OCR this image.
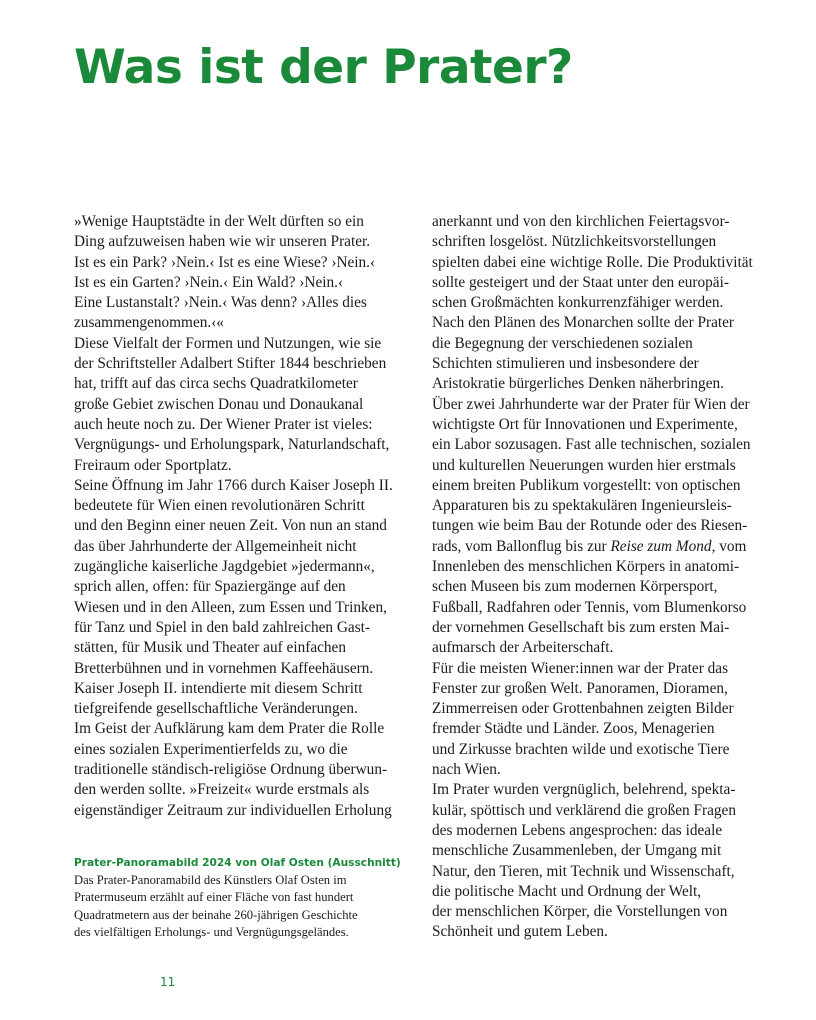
Was ist der Prater?
»Wenige Hauptstädte in der Welt dürften so ein
Ding aufzuweisen haben wie wir unseren Prater.
Ist es ein Park? ›Nein.‹ Ist es eine Wiese? ›Nein.‹
Ist es ein Garten? ›Nein.‹ Ein Wald? ›Nein.‹
Eine Lustanstalt? ›Nein.‹ Was denn? ›Alles dies
zusammengenommen.‹«
Diese Vielfalt der Formen und Nutzungen, wie sie
der Schriftsteller Adalbert Stifter 1844 beschrieben
hat, trifft auf das circa sechs Quadratkilometer
große Gebiet zwischen Donau und Donaukanal
auch heute noch zu. Der Wiener Prater ist vieles:
Vergnügungs- und Erholungspark, Naturlandschaft,
Freiraum oder Sportplatz.
Seine Öffnung im Jahr 1766 durch Kaiser Joseph II.
bedeutete für Wien einen revolutionären Schritt
und den Beginn einer neuen Zeit. Von nun an stand
das über Jahrhunderte der Allgemeinheit nicht
zugängliche kaiserliche Jagdgebiet »jedermann«,
sprich allen, offen: für Spaziergänge auf den
Wiesen und in den Alleen, zum Essen und Trinken,
für Tanz und Spiel in den bald zahlreichen Gast-
stätten, für Musik und Theater auf einfachen
Bretterbühnen und in vornehmen Kaffeehäusern.
Kaiser Joseph II. intendierte mit diesem Schritt
tiefgreifende gesellschaftliche Veränderungen.
Im Geist der Aufklärung kam dem Prater die Rolle
eines sozialen Experimentierfelds zu, wo die
traditionelle ständisch-religiöse Ordnung überwun-
den werden sollte. »Freizeit« wurde erstmals als
eigenständiger Zeitraum zur individuellen Erholung
anerkannt und von den kirchlichen Feiertagsvor-
schriften losgelöst. Nützlichkeitsvorstellungen
spielten dabei eine wichtige Rolle. Die Produktivität
sollte gesteigert und der Staat unter den europäi-
schen Großmächten konkurrenzfähiger werden.
Nach den Plänen des Monarchen sollte der Prater
die Begegnung der verschiedenen sozialen
Schichten stimulieren und insbesondere der
Aristokratie bürgerliches Denken näherbringen.
Über zwei Jahrhunderte war der Prater für Wien der
wichtigste Ort für Innovationen und Experimente,
ein Labor sozusagen. Fast alle technischen, sozialen
und kulturellen Neuerungen wurden hier erstmals
einem breiten Publikum vorgestellt: von optischen
Apparaturen bis zu spektakulären Ingenieursleis-
tungen wie beim Bau der Rotunde oder des Riesen-
rads, vom Ballonflug bis zur Reise zum Mond, vom
Innenleben des menschlichen Körpers in anatomi-
schen Museen bis zum modernen Körpersport,
Fußball, Radfahren oder Tennis, vom Blumenkorso
der vornehmen Gesellschaft bis zum ersten Mai-
aufmarsch der Arbeiterschaft.
Für die meisten Wiener:innen war der Prater das
Fenster zur großen Welt. Panoramen, Dioramen,
Zimmerreisen oder Grottenbahnen zeigten Bilder
fremder Städte und Länder. Zoos, Menagerien
und Zirkusse brachten wilde und exotische Tiere
nach Wien.
Im Prater wurden vergnüglich, belehrend, spekta-
kulär, spöttisch und verklärend die großen Fragen
des modernen Lebens angesprochen: das ideale
menschliche Zusammenleben, der Umgang mit
Natur, den Tieren, mit Technik und Wissenschaft,
die politische Macht und Ordnung der Welt,
der menschlichen Körper, die Vorstellungen von
Schönheit und gutem Leben.
Prater-Panoramabild 2024 von Olaf Osten (Ausschnitt)
Das Prater-Panoramabild des Künstlers Olaf Osten im
Pratermuseum erzählt auf einer Fläche von fast hundert
Quadratmetern aus der beinahe 260-jährigen Geschichte
des vielfältigen Erholungs- und Vergnügungsgeländes.
11
